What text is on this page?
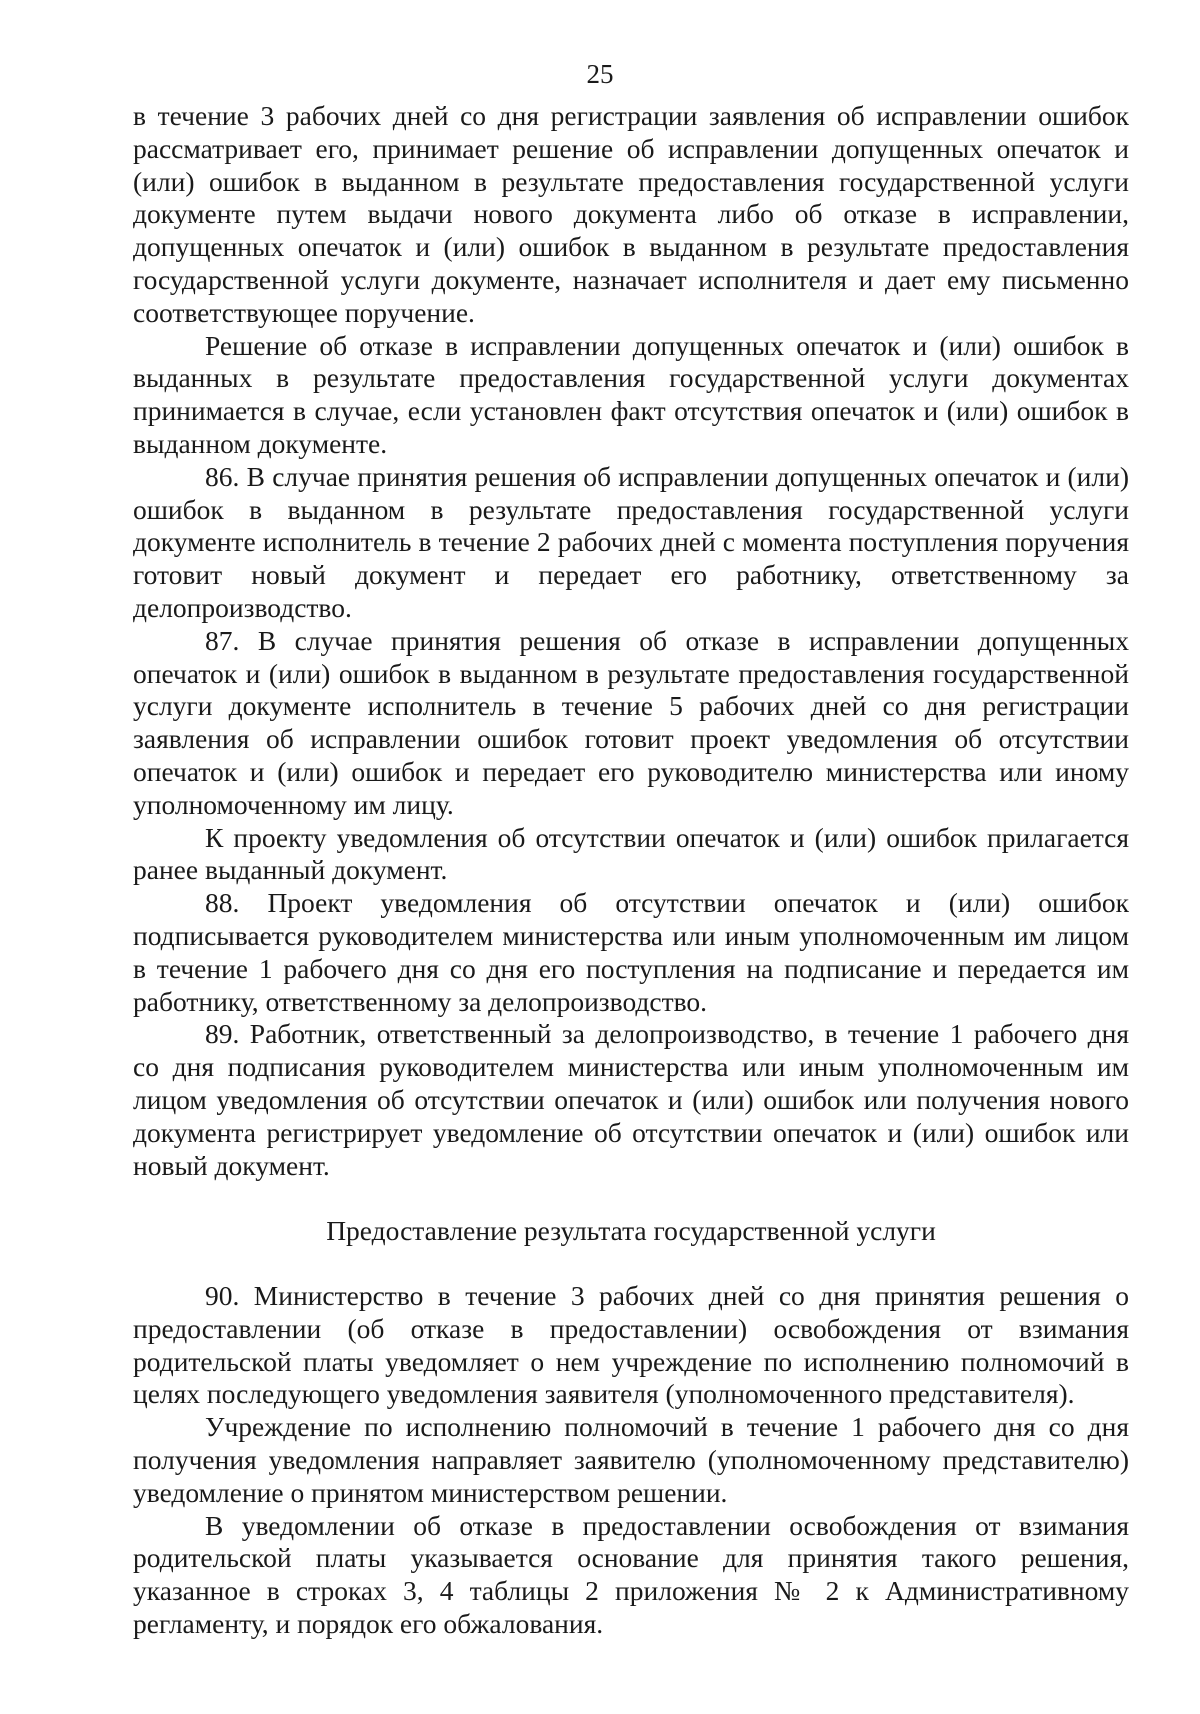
25

в течение 3 рабочих дней со дня регистрации заявления об исправлении ошибок рассматривает его, принимает решение об исправлении допущенных опечаток и (или) ошибок в выданном в результате предоставления государственной услуги документе путем выдачи нового документа либо об отказе в исправлении, допущенных опечаток и (или) ошибок в выданном в результате предоставления государственной услуги документе, назначает исполнителя и дает ему письменно соответствующее поручение.

Решение об отказе в исправлении допущенных опечаток и (или) ошибок в выданных в результате предоставления государственной услуги документах принимается в случае, если установлен факт отсутствия опечаток и (или) ошибок в выданном документе.

86. В случае принятия решения об исправлении допущенных опечаток и (или) ошибок в выданном в результате предоставления государственной услуги документе исполнитель в течение 2 рабочих дней с момента поступления поручения готовит новый документ и передает его работнику, ответственному за делопроизводство.

87. В случае принятия решения об отказе в исправлении допущенных опечаток и (или) ошибок в выданном в результате предоставления государственной услуги документе исполнитель в течение 5 рабочих дней со дня регистрации заявления об исправлении ошибок готовит проект уведомления об отсутствии опечаток и (или) ошибок и передает его руководителю министерства или иному уполномоченному им лицу.

К проекту уведомления об отсутствии опечаток и (или) ошибок прилагается ранее выданный документ.

88. Проект уведомления об отсутствии опечаток и (или) ошибок подписывается руководителем министерства или иным уполномоченным им лицом в течение 1 рабочего дня со дня его поступления на подписание и передается им работнику, ответственному за делопроизводство.

89. Работник, ответственный за делопроизводство, в течение 1 рабочего дня со дня подписания руководителем министерства или иным уполномоченным им лицом уведомления об отсутствии опечаток и (или) ошибок или получения нового документа регистрирует уведомление об отсутствии опечаток и (или) ошибок или новый документ.

Предоставление результата государственной услуги

90. Министерство в течение 3 рабочих дней со дня принятия решения о предоставлении (об отказе в предоставлении) освобождения от взимания родительской платы уведомляет о нем учреждение по исполнению полномочий в целях последующего уведомления заявителя (уполномоченного представителя).

Учреждение по исполнению полномочий в течение 1 рабочего дня со дня получения уведомления направляет заявителю (уполномоченному представителю) уведомление о принятом министерством решении.

В уведомлении об отказе в предоставлении освобождения от взимания родительской платы указывается основание для принятия такого решения, указанное в строках 3, 4 таблицы 2 приложения № 2 к Административному регламенту, и порядок его обжалования.
